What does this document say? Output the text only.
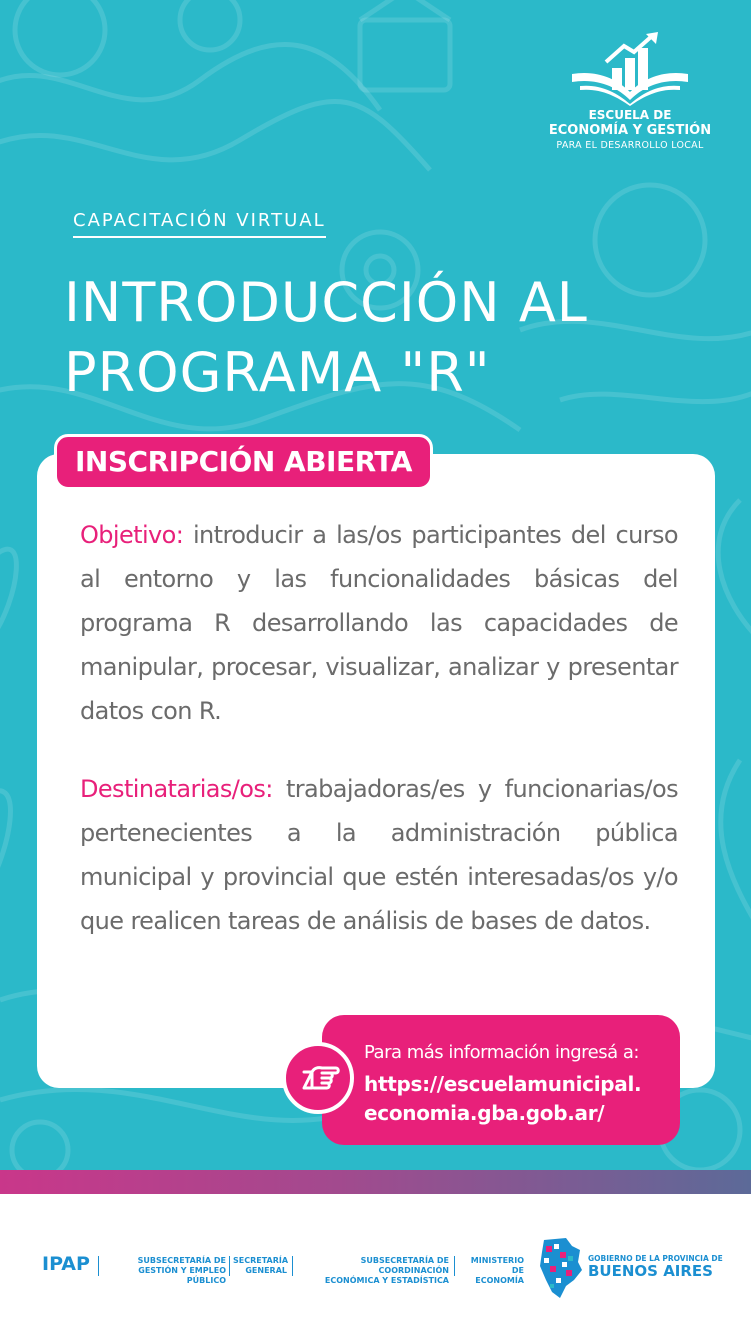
ESCUELA DE
ECONOMÍA Y GESTIÓN
PARA EL DESARROLLO LOCAL
CAPACITACIÓN VIRTUAL
INTRODUCCIÓN AL
PROGRAMA "R"
INSCRIPCIÓN ABIERTA
Objetivo: introducir a las/os participantes del curso al entorno y las funcionalidades básicas del programa R desarrollando las capacidades de manipular, procesar, visualizar, analizar y presentar datos con R.
Destinatarias/os: trabajadoras/es y funcionarias/os pertenecientes a la administración pública municipal y provincial que estén interesadas/os y/o que realicen tareas de análisis de bases de datos.
Para más información ingresá a:
https://escuelamunicipal.
economia.gba.gob.ar/
IPAP	SUBSECRETARÍA DE
GESTIÓN Y EMPLEO PÚBLICO
SECRETARÍA
GENERAL
SUBSECRETARÍA DE COORDINACIÓN
ECONÓMICA Y ESTADÍSTICA
MINISTERIO DE
ECONOMÍA
GOBIERNO DE LA PROVINCIA DE
BUENOS AIRES
